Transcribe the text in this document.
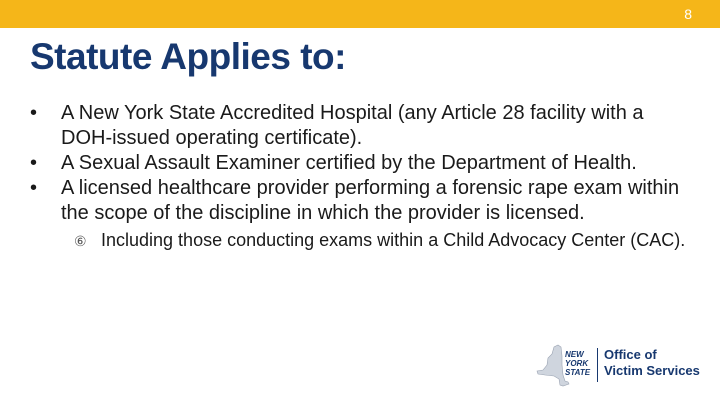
8
Statute Applies to:
• A New York State Accredited Hospital (any Article 28 facility with a DOH-issued operating certificate).
• A Sexual Assault Examiner certified by the Department of Health.
• A licensed healthcare provider performing a forensic rape exam within the scope of the discipline in which the provider is licensed.
⑥ Including those conducting exams within a Child Advocacy Center (CAC).
NEW
YORK
STATE
Office of
Victim Services
